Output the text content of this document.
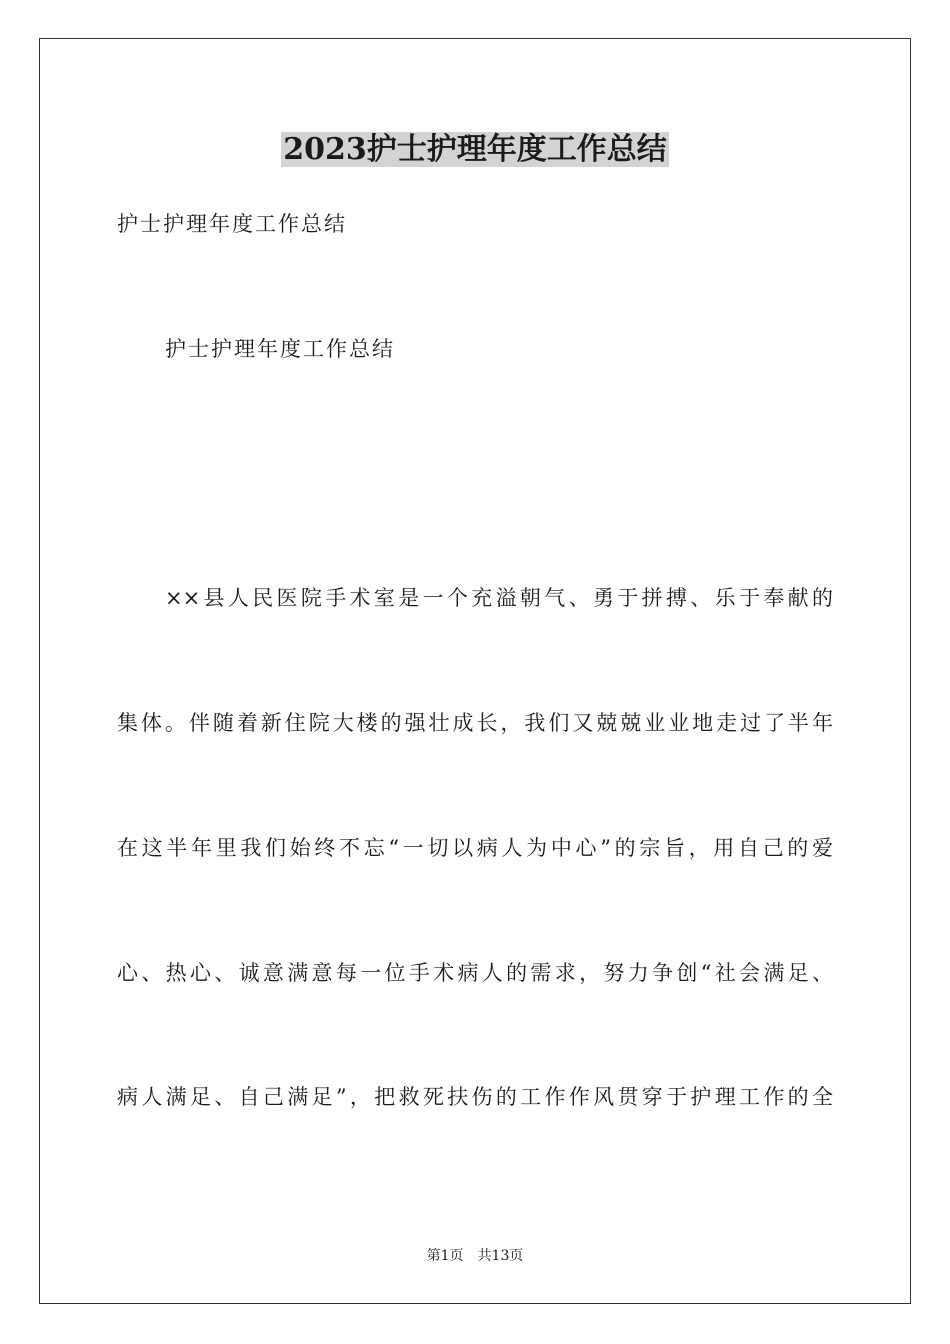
2023护士护理年度工作总结

护士护理年度工作总结

护士护理年度工作总结

××县人民医院手术室是一个充溢朝气、勇于拼搏、乐于奉献的

集体。伴随着新住院大楼的强壮成长，我们又兢兢业业地走过了半年

在这半年里我们始终不忘“一切以病人为中心”的宗旨，用自己的爱

心、热心、诚意满意每一位手术病人的需求，努力争创“社会满足、

病人满足、自己满足”，把救死扶伤的工作作风贯穿于护理工作的全

第1页　共13页
